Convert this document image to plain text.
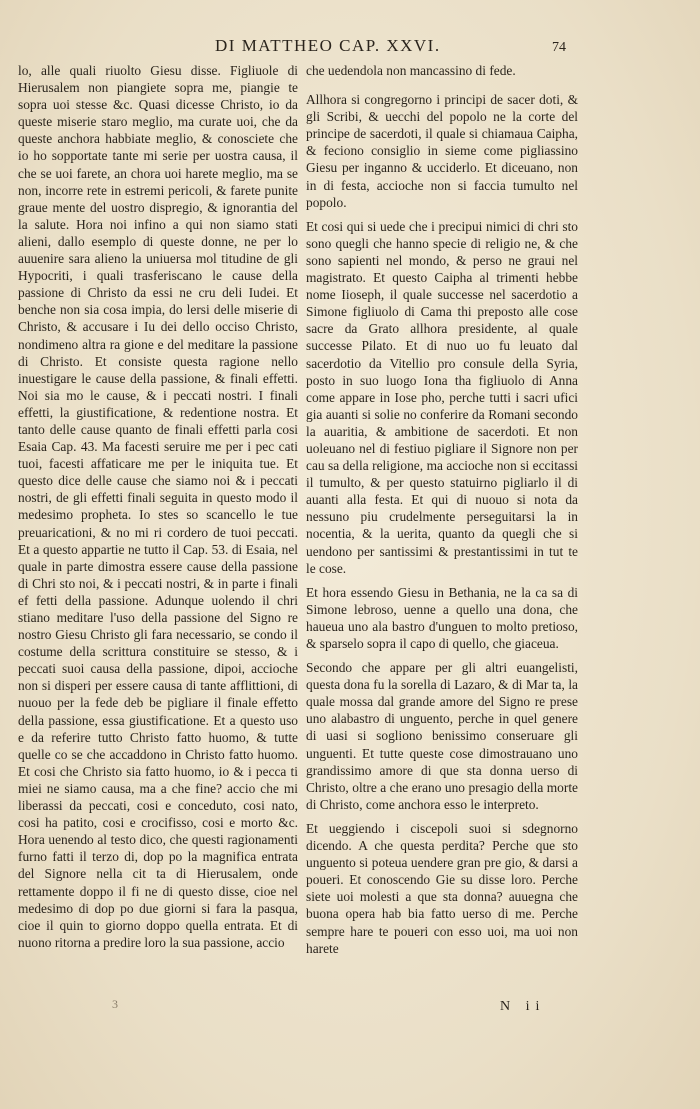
DI MATTHEO CAP. XXVI.	74

lo, alle quali riuolto Giesu disse. Figliuole di Hierusalem non piangiete sopra me, piangie te sopra uoi stesse &c. Quasi dicesse Christo, io da queste miserie staro meglio, ma curate uoi, che da queste anchora habbiate meglio, & conosciete che io ho sopportate tante mi serie per uostra causa, il che se uoi farete, an chora uoi harete meglio, ma se non, incorre rete in estremi pericoli, & farete punite graue mente del uostro dispregio, & ignorantia del la salute. Hora noi infino a qui non siamo stati alieni, dallo esemplo di queste donne, ne per lo auuenire sara alieno la uniuersa mol titudine de gli Hypocriti, i quali trasferiscano le cause della passione di Christo da essi ne cru deli Iudei. Et benche non sia cosa impia, do lersi delle miserie di Christo, & accusare i Iu dei dello occiso Christo, nondimeno altra ra gione e del meditare la passione di Christo. Et consiste questa ragione nello inuestigare le cause della passione, & finali effetti. Noi sia mo le cause, & i peccati nostri. I finali effetti, la giustificatione, & redentione nostra. Et tanto delle cause quanto de finali effetti parla cosi Esaia Cap. 43. Ma facesti seruire me per i pec cati tuoi, facesti affaticare me per le iniquita tue. Et questo dice delle cause che siamo noi & i peccati nostri, de gli effetti finali seguita in questo modo il medesimo propheta. Io stes so scancello le tue preuaricationi, & no mi ri cordero de tuoi peccati. Et a questo appartie ne tutto il Cap. 53. di Esaia, nel quale in parte dimostra essere cause della passione di Chri sto noi, & i peccati nostri, & in parte i finali ef fetti della passione. Adunque uolendo il chri stiano meditare l'uso della passione del Signo re nostro Giesu Christo gli fara necessario, se condo il costume della scrittura constituire se stesso, & i peccati suoi causa della passione, dipoi, accioche non si disperi per essere causa di tante afflittioni, di nuouo per la fede deb be pigliare il finale effetto della passione, essa giustificatione. Et a questo uso e da referire tutto Christo fatto huomo, & tutte quelle co se che accaddono in Christo fatto huomo. Et cosi che Christo sia fatto huomo, io & i pecca ti miei ne siamo causa, ma a che fine? accio che mi liberassi da peccati, cosi e conceduto, cosi nato, cosi ha patito, cosi e crocifisso, cosi e morto &c. Hora uenendo al testo dico, che questi ragionamenti furno fatti il terzo di, dop po la magnifica entrata del Signore nella cit ta di Hierusalem, onde rettamente doppo il fi ne di questo disse, cioe nel medesimo di dop po due giorni si fara la pasqua, cioe il quin to giorno doppo quella entrata. Et di nuono ritorna a predire loro la sua passione, accio

che uedendola non mancassino di fede.

Allhora si congregorno i principi de sacer doti, & gli Scribi, & uecchi del popolo ne la corte del principe de sacerdoti, il quale si chiamaua Caipha, & feciono consiglio in sieme come pigliassino Giesu per inganno & ucciderlo. Et diceuano, non in di festa, accioche non si faccia tumulto nel popolo.

Et cosi qui si uede che i precipui nimici di chri sto sono quegli che hanno specie di religio ne, & che sono sapienti nel mondo, & perso ne graui nel magistrato. Et questo Caipha al trimenti hebbe nome Iioseph, il quale successe nel sacerdotio a Simone figliuolo di Cama thi preposto alle cose sacre da Grato allhora presidente, al quale successe Pilato. Et di nuo uo fu leuato dal sacerdotio da Vitellio pro consule della Syria, posto in suo luogo Iona tha figliuolo di Anna come appare in Iose pho, perche tutti i sacri ufici gia auanti si solie no conferire da Romani secondo la auaritia, & ambitione de sacerdoti. Et non uoleuano nel di festiuo pigliare il Signore non per cau sa della religione, ma accioche non si eccitassi il tumulto, & per questo statuirno pigliarlo il di auanti alla festa. Et qui di nuouo si nota da nessuno piu crudelmente perseguitarsi la in nocentia, & la uerita, quanto da quegli che si uendono per santissimi & prestantissimi in tut te le cose.

Et hora essendo Giesu in Bethania, ne la ca sa di Simone lebroso, uenne a quello una dona, che haueua uno ala bastro d'unguen to molto pretioso, & sparselo sopra il capo di quello, che giaceua.

Secondo che appare per gli altri euangelisti, questa dona fu la sorella di Lazaro, & di Mar ta, la quale mossa dal grande amore del Signo re prese uno alabastro di unguento, perche in quel genere di uasi si sogliono benissimo conseruare gli unguenti. Et tutte queste cose dimostrauano uno grandissimo amore di que sta donna uerso di Christo, oltre a che erano uno presagio della morte di Christo, come anchora esso le interpreto.

Et ueggiendo i ciscepoli suoi si sdegnorno dicendo. A che questa perdita? Perche que sto unguento si poteua uendere gran pre gio, & darsi a poueri. Et conoscendo Gie su disse loro. Perche siete uoi molesti a que sta donna? auuegna che buona opera hab bia fatto uerso di me. Perche sempre hare te poueri con esso uoi, ma uoi non harete

3	N ii
